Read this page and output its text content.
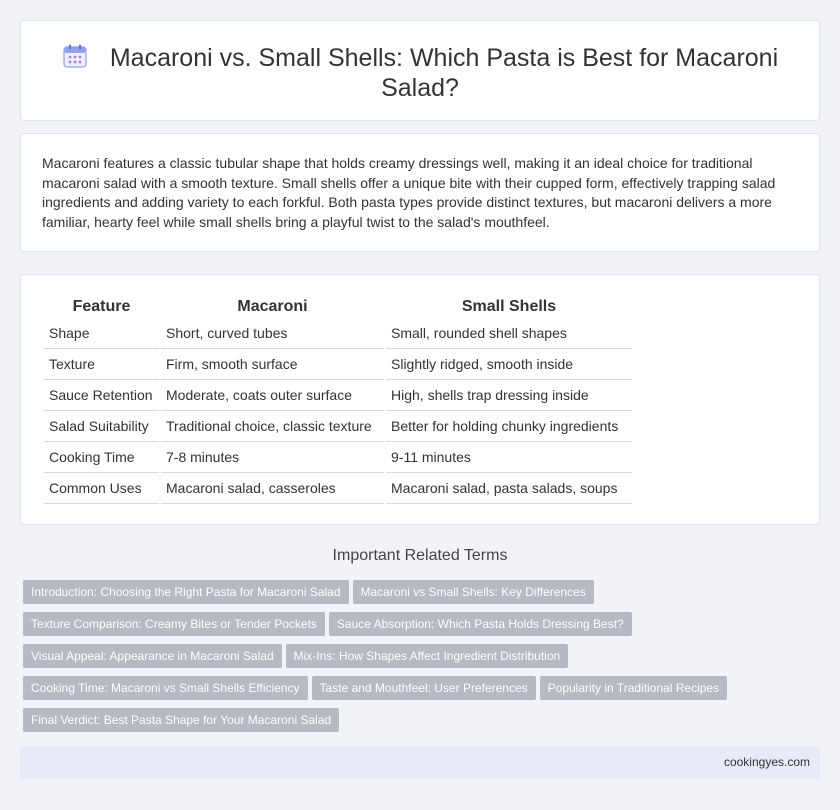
Macaroni vs. Small Shells: Which Pasta is Best for Macaroni Salad?

Macaroni features a classic tubular shape that holds creamy dressings well, making it an ideal choice for traditional macaroni salad with a smooth texture. Small shells offer a unique bite with their cupped form, effectively trapping salad ingredients and adding variety to each forkful. Both pasta types provide distinct textures, but macaroni delivers a more familiar, hearty feel while small shells bring a playful twist to the salad's mouthfeel.

Feature	Macaroni	Small Shells
Shape	Short, curved tubes	Small, rounded shell shapes
Texture	Firm, smooth surface	Slightly ridged, smooth inside
Sauce Retention	Moderate, coats outer surface	High, shells trap dressing inside
Salad Suitability	Traditional choice, classic texture	Better for holding chunky ingredients
Cooking Time	7-8 minutes	9-11 minutes
Common Uses	Macaroni salad, casseroles	Macaroni salad, pasta salads, soups
Important Related Terms
Introduction: Choosing the Right Pasta for Macaroni Salad Macaroni vs Small Shells: Key Differences
Texture Comparison: Creamy Bites or Tender Pockets Sauce Absorption: Which Pasta Holds Dressing Best?
Visual Appeal: Appearance in Macaroni Salad Mix-Ins: How Shapes Affect Ingredient Distribution
Cooking Time: Macaroni vs Small Shells Efficiency Taste and Mouthfeel: User Preferences Popularity in Traditional Recipes
Final Verdict: Best Pasta Shape for Your Macaroni Salad
cookingyes.com
